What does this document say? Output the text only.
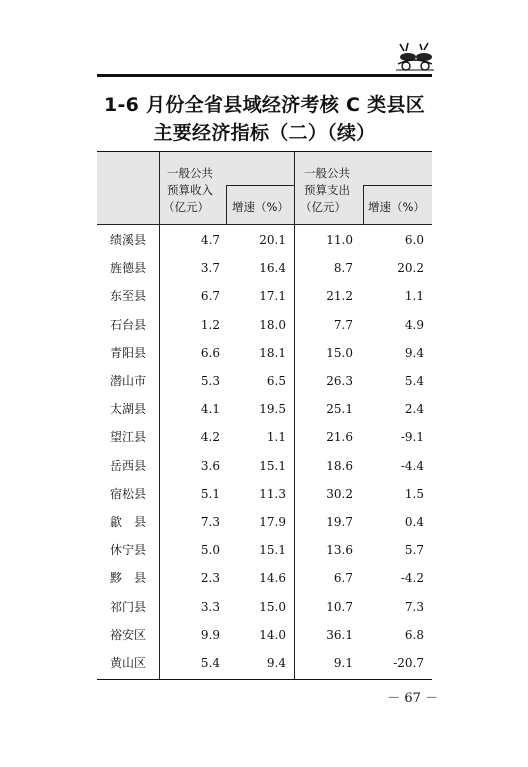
1-6 月份全省县域经济考核 C 类县区
主要经济指标（二）（续）
一般公共
预算收入
（亿元） 增速（%）
一般公共
预算支出
（亿元） 增速（%）
绩溪县	4.7	20.1	11.0	6.0
旌德县	3.7	16.4	8.7	20.2
东至县	6.7	17.1	21.2	1.1
石台县	1.2	18.0	7.7	4.9
青阳县	6.6	18.1	15.0	9.4
潜山市	5.3	6.5	26.3	5.4
太湖县	4.1	19.5	25.1	2.4
望江县	4.2	1.1	21.6	-9.1
岳西县	3.6	15.1	18.6	-4.4
宿松县	5.1	11.3	30.2	1.5
歙　县	7.3	17.9	19.7	0.4
休宁县	5.0	15.1	13.6	5.7
黟　县	2.3	14.6	6.7	-4.2
祁门县	3.3	15.0	10.7	7.3
裕安区	9.9	14.0	36.1	6.8
黄山区	5.4	9.4	9.1	-20.7
－ 67 －
